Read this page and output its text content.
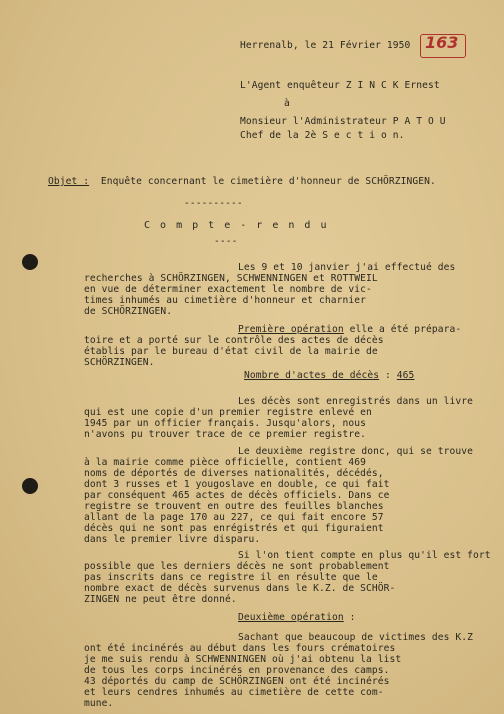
Herrenalb, le 21 Février 1950 163
L'Agent enquêteur Z I N C K Ernest
à
Monsieur l'Administrateur P A T O U
Chef de la 2è S e c t i o n.
Objet : Enquête concernant le cimetière d'honneur de SCHÖRZINGEN.
----------
C o m p t e - r e n d u
----
Les 9 et 10 janvier j'ai effectué des
recherches à SCHÖRZINGEN, SCHWENNINGEN et ROTTWEIL
en vue de déterminer exactement le nombre de vic-
times inhumés au cimetière d'honneur et charnier
de SCHÖRZINGEN.
Première opération elle a été prépara-
toire et a porté sur le contrôle des actes de décès
établis par le bureau d'état civil de la mairie de
SCHÖRZINGEN.
Nombre d'actes de décès : 465
Les décès sont enregistrés dans un livre
qui est une copie d'un premier registre enlevé en
1945 par un officier français. Jusqu'alors, nous
n'avons pu trouver trace de ce premier registre.
Le deuxième registre donc, qui se trouve
à la mairie comme pièce officielle, contient 469
noms de déportés de diverses nationalités, décédés,
dont 3 russes et 1 yougoslave en double, ce qui fait
par conséquent 465 actes de décès officiels. Dans ce
registre se trouvent en outre des feuilles blanches
allant de la page 170 au 227, ce qui fait encore 57
décès qui ne sont pas enrégistrés et qui figuraient
dans le premier livre disparu.
Si l'on tient compte en plus qu'il est fort
possible que les derniers décès ne sont probablement
pas inscrits dans ce registre il en résulte que le
nombre exact de décès survenus dans le K.Z. de SCHÖR-
ZINGEN ne peut être donné.
Deuxième opération :
Sachant que beaucoup de victimes des K.Z
ont été incinérés au début dans les fours crématoires
je me suis rendu à SCHWENNINGEN où j'ai obtenu la list
de tous les corps incinérés en provenance des camps.
43 déportés du camp de SCHÖRZINGEN ont été incinérés
et leurs cendres inhumés au cimetière de cette com-
mune.
